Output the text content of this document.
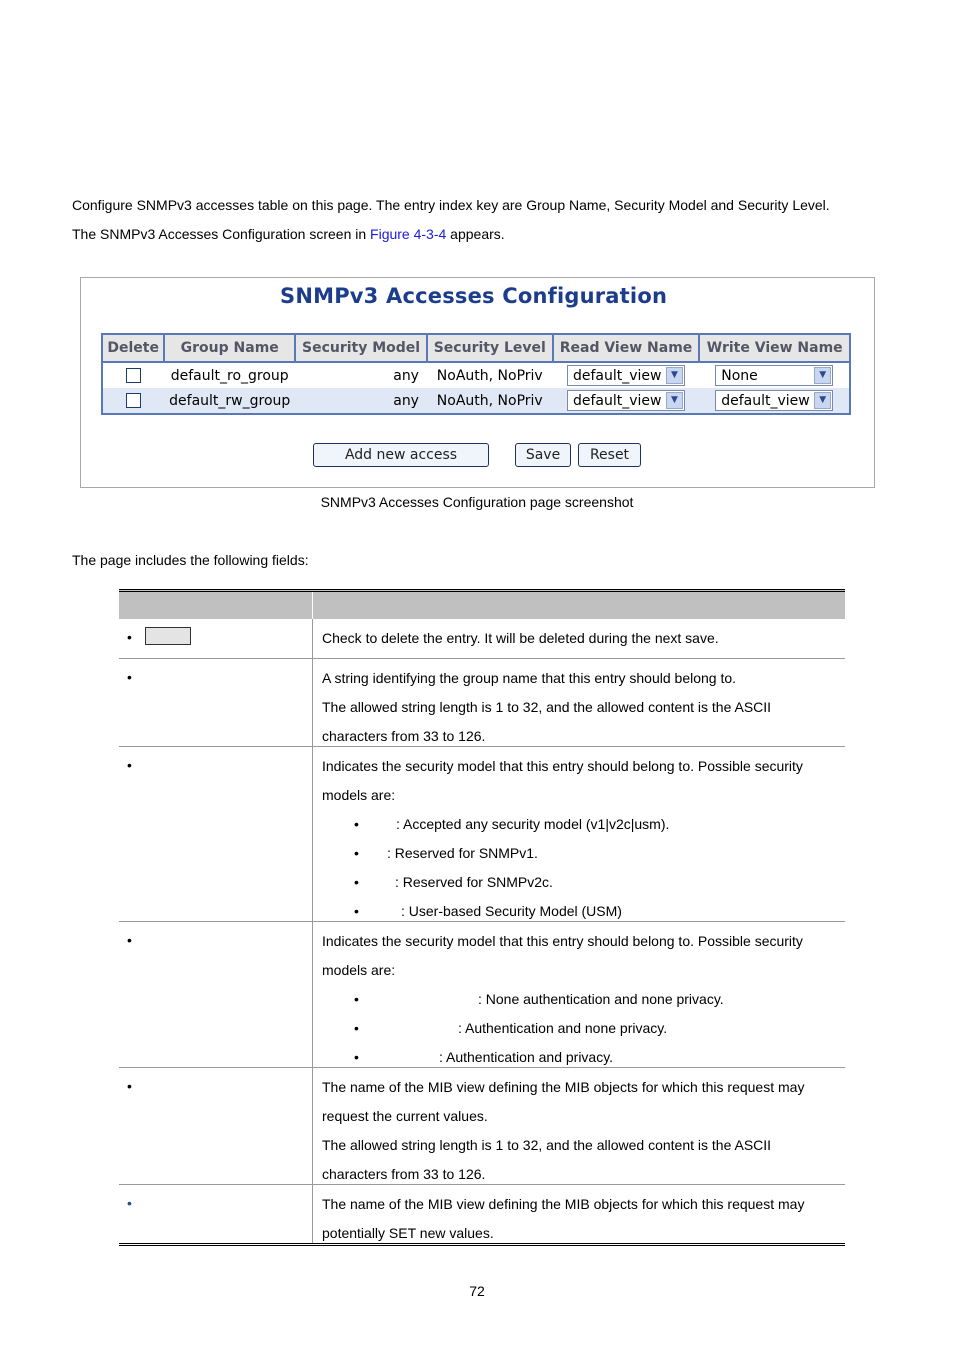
Configure SNMPv3 accesses table on this page. The entry index key are Group Name, Security Model and Security Level.
The SNMPv3 Accesses Configuration screen in Figure 4-3-4 appears.
SNMPv3 Accesses Configuration
Delete	Group Name	Security Model	Security Level	Read View Name	Write View Name
	default_ro_group	any	NoAuth, NoPriv	default_view ▼	None ▼

	default_rw_group	any	NoAuth, NoPriv	default_view ▼	default_view ▼
Add new access	Save	Reset
SNMPv3 Accesses Configuration page screenshot
The page includes the following fields:
•	Check to delete the entry. It will be deleted during the next save.

•	A string identifying the group name that this entry should belong to.

The allowed string length is 1 to 32, and the allowed content is the ASCII characters from 33 to 126.

•	Indicates the security model that this entry should belong to. Possible security models are:

•	: Accepted any security model (v1|v2c|usm).
• : Reserved for SNMPv1.
•	: Reserved for SNMPv2c.
•	: User-based Security Model (USM)
•	Indicates the security model that this entry should belong to. Possible security models are:

•	: None authentication and none privacy.
•	: Authentication and none privacy.
•	: Authentication and privacy.
•	The name of the MIB view defining the MIB objects for which this request may request the current values.

The allowed string length is 1 to 32, and the allowed content is the ASCII characters from 33 to 126.

•	The name of the MIB view defining the MIB objects for which this request may potentially SET new values.

72
